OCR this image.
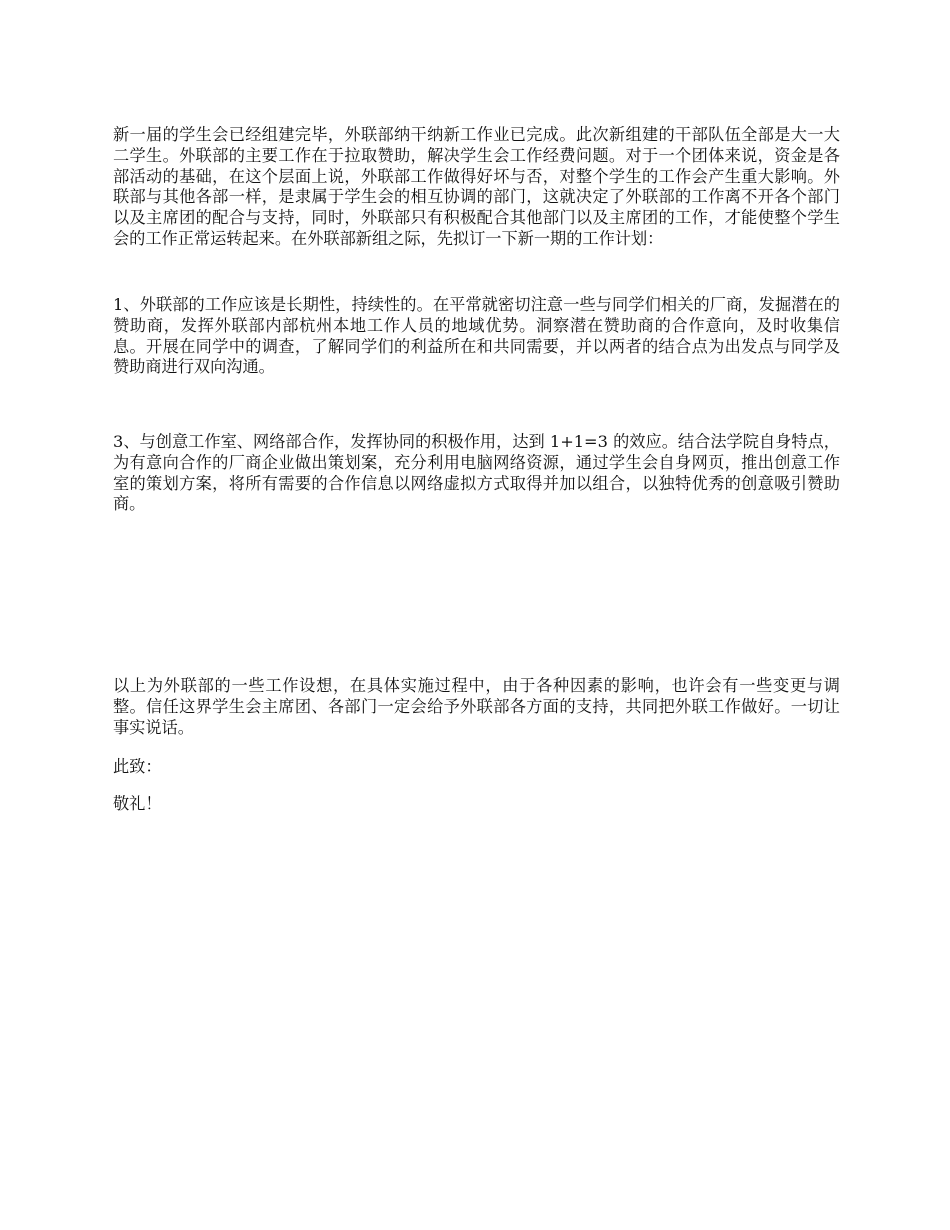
新一届的学生会已经组建完毕，外联部纳干纳新工作业已完成。此次新组建的干部队伍全部是大一大二学生。外联部的主要工作在于拉取赞助，解决学生会工作经费问题。对于一个团体来说，资金是各部活动的基础，在这个层面上说，外联部工作做得好坏与否，对整个学生的工作会产生重大影响。外联部与其他各部一样，是隶属于学生会的相互协调的部门，这就决定了外联部的工作离不开各个部门以及主席团的配合与支持，同时，外联部只有积极配合其他部门以及主席团的工作，才能使整个学生会的工作正常运转起来。在外联部新组之际，先拟订一下新一期的工作计划：

1、外联部的工作应该是长期性，持续性的。在平常就密切注意一些与同学们相关的厂商，发掘潜在的赞助商，发挥外联部内部杭州本地工作人员的地域优势。洞察潜在赞助商的合作意向，及时收集信息。开展在同学中的调查，了解同学们的利益所在和共同需要，并以两者的结合点为出发点与同学及赞助商进行双向沟通。

3、与创意工作室、网络部合作，发挥协同的积极作用，达到 1+1=3 的效应。结合法学院自身特点，为有意向合作的厂商企业做出策划案，充分利用电脑网络资源，通过学生会自身网页，推出创意工作室的策划方案，将所有需要的合作信息以网络虚拟方式取得并加以组合，以独特优秀的创意吸引赞助商。

以上为外联部的一些工作设想，在具体实施过程中，由于各种因素的影响，也许会有一些变更与调整。信任这界学生会主席团、各部门一定会给予外联部各方面的支持，共同把外联工作做好。一切让事实说话。

此致：

敬礼！
